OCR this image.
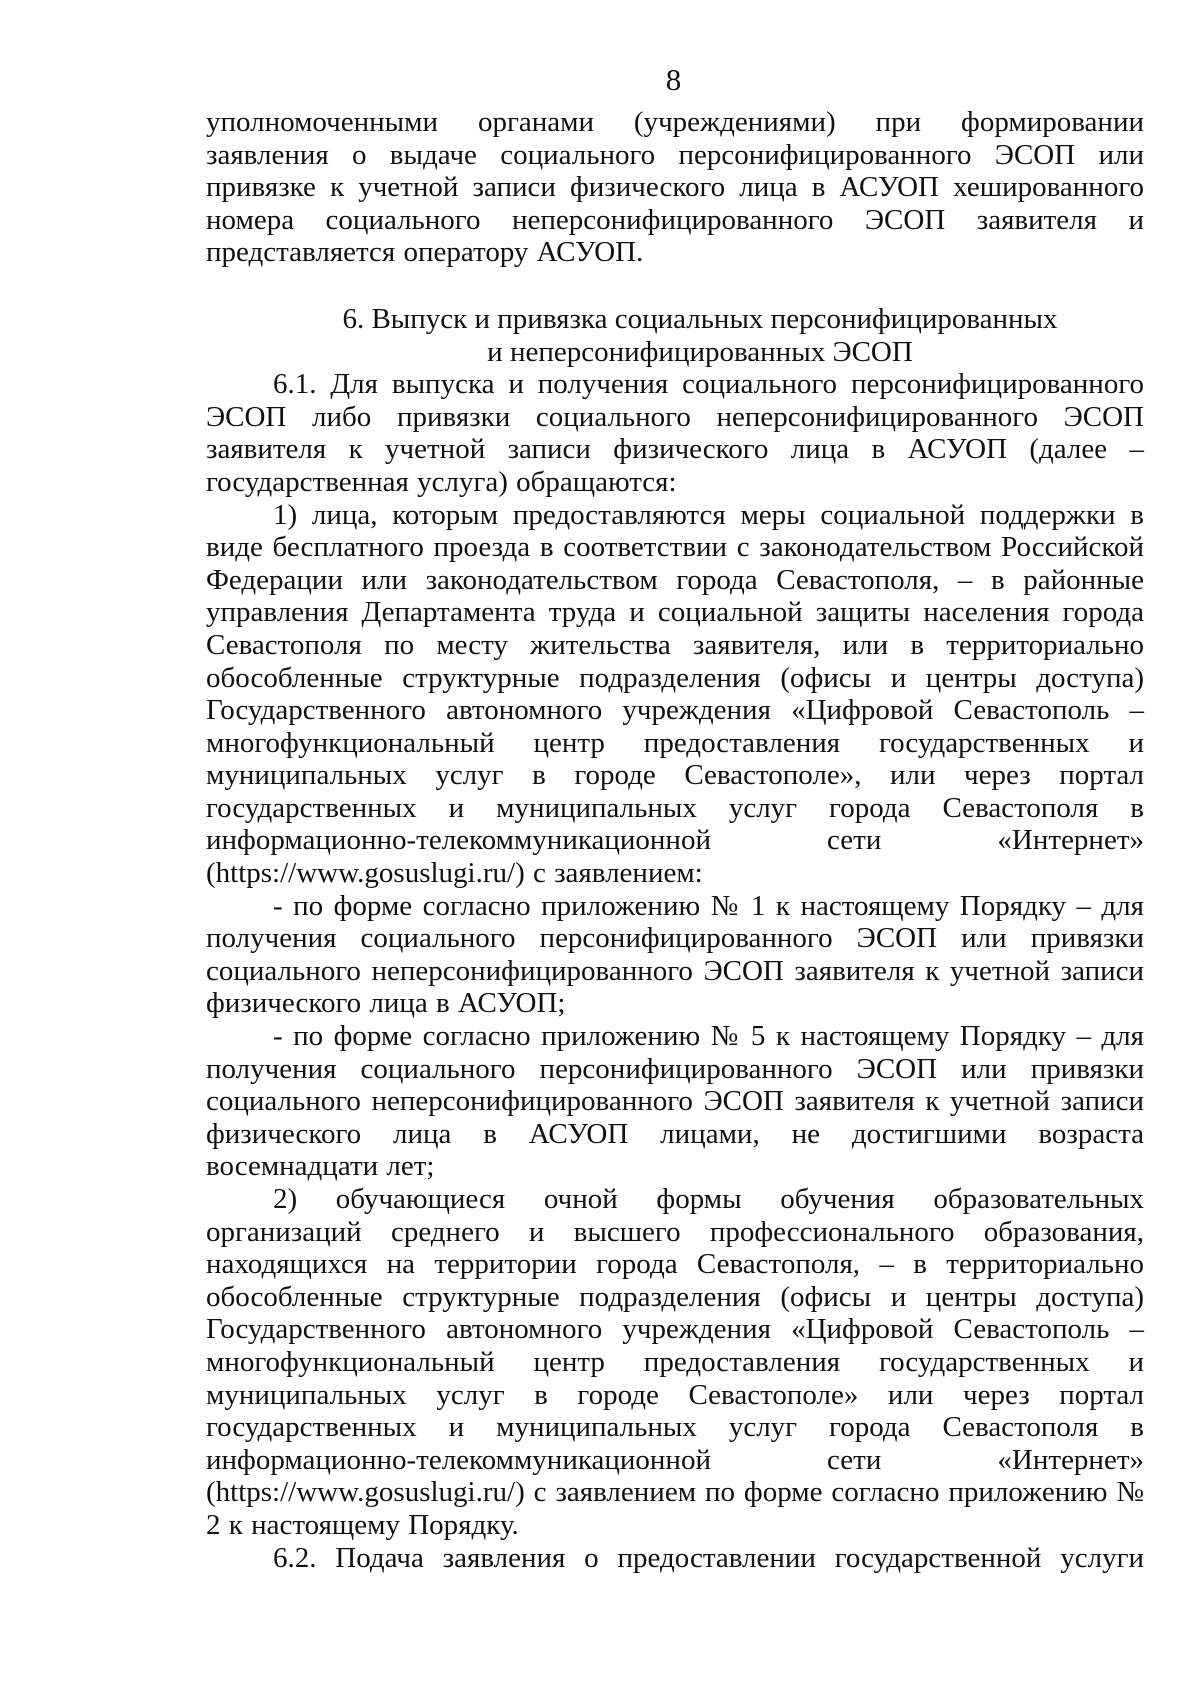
8

уполномоченными органами (учреждениями) при формировании заявления о выдаче социального персонифицированного ЭСОП или привязке к учетной записи физического лица в АСУОП хешированного номера социального неперсонифицированного ЭСОП заявителя и представляется оператору АСУОП.

6. Выпуск и привязка социальных персонифицированных

и неперсонифицированных ЭСОП

6.1. Для выпуска и получения социального персонифицированного ЭСОП либо привязки социального неперсонифицированного ЭСОП заявителя к учетной записи физического лица в АСУОП (далее – государственная услуга) обращаются:

1) лица, которым предоставляются меры социальной поддержки в виде бесплатного проезда в соответствии с законодательством Российской Федерации или законодательством города Севастополя, – в районные управления Департамента труда и социальной защиты населения города Севастополя по месту жительства заявителя, или в территориально обособленные структурные подразделения (офисы и центры доступа) Государственного автономного учреждения «Цифровой Севастополь – многофункциональный центр предоставления государственных и муниципальных услуг в городе Севастополе», или через портал государственных и муниципальных услуг города Севастополя в информационно-телекоммуникационной сети «Интернет» (https://www.gosuslugi.ru/) с заявлением:

- по форме согласно приложению № 1 к настоящему Порядку – для получения социального персонифицированного ЭСОП или привязки социального неперсонифицированного ЭСОП заявителя к учетной записи физического лица в АСУОП;

- по форме согласно приложению № 5 к настоящему Порядку – для получения социального персонифицированного ЭСОП или привязки социального неперсонифицированного ЭСОП заявителя к учетной записи физического лица в АСУОП лицами, не достигшими возраста восемнадцати лет;

2) обучающиеся очной формы обучения образовательных организаций среднего и высшего профессионального образования, находящихся на территории города Севастополя, – в территориально обособленные структурные подразделения (офисы и центры доступа) Государственного автономного учреждения «Цифровой Севастополь – многофункциональный центр предоставления государственных и муниципальных услуг в городе Севастополе» или через портал государственных и муниципальных услуг города Севастополя в информационно-телекоммуникационной сети «Интернет» (https://www.gosuslugi.ru/) с заявлением по форме согласно приложению № 2 к настоящему Порядку.

6.2. Подача заявления о предоставлении государственной услуги
